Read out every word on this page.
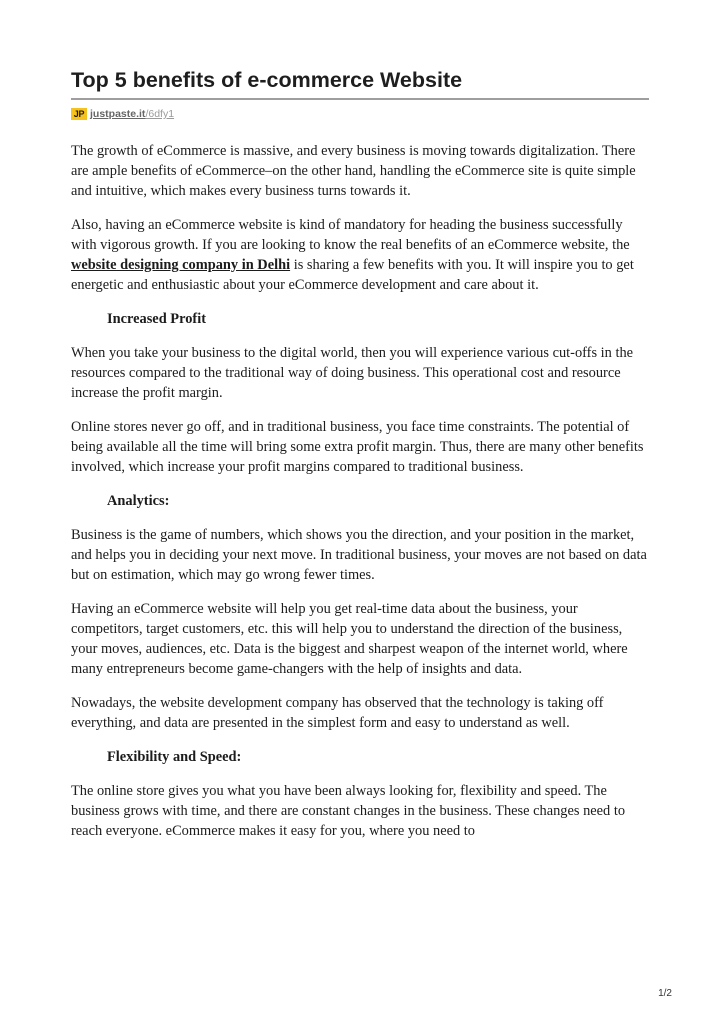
Top 5 benefits of e-commerce Website
JP justpaste.it /6dfy1

The growth of eCommerce is massive, and every business is moving towards digitalization. There are ample benefits of eCommerce–on the other hand, handling the eCommerce site is quite simple and intuitive, which makes every business turns towards it.

Also, having an eCommerce website is kind of mandatory for heading the business successfully with vigorous growth. If you are looking to know the real benefits of an eCommerce website, the website designing company in Delhi is sharing a few benefits with you. It will inspire you to get energetic and enthusiastic about your eCommerce development and care about it.

Increased Profit

When you take your business to the digital world, then you will experience various cut-offs in the resources compared to the traditional way of doing business. This operational cost and resource increase the profit margin.

Online stores never go off, and in traditional business, you face time constraints. The potential of being available all the time will bring some extra profit margin. Thus, there are many other benefits involved, which increase your profit margins compared to traditional business.

Analytics:

Business is the game of numbers, which shows you the direction, and your position in the market, and helps you in deciding your next move. In traditional business, your moves are not based on data but on estimation, which may go wrong fewer times.

Having an eCommerce website will help you get real-time data about the business, your competitors, target customers, etc. this will help you to understand the direction of the business, your moves, audiences, etc. Data is the biggest and sharpest weapon of the internet world, where many entrepreneurs become game-changers with the help of insights and data.

Nowadays, the website development company has observed that the technology is taking off everything, and data are presented in the simplest form and easy to understand as well.

Flexibility and Speed:

The online store gives you what you have been always looking for, flexibility and speed. The business grows with time, and there are constant changes in the business. These changes need to reach everyone. eCommerce makes it easy for you, where you need to

1/2
